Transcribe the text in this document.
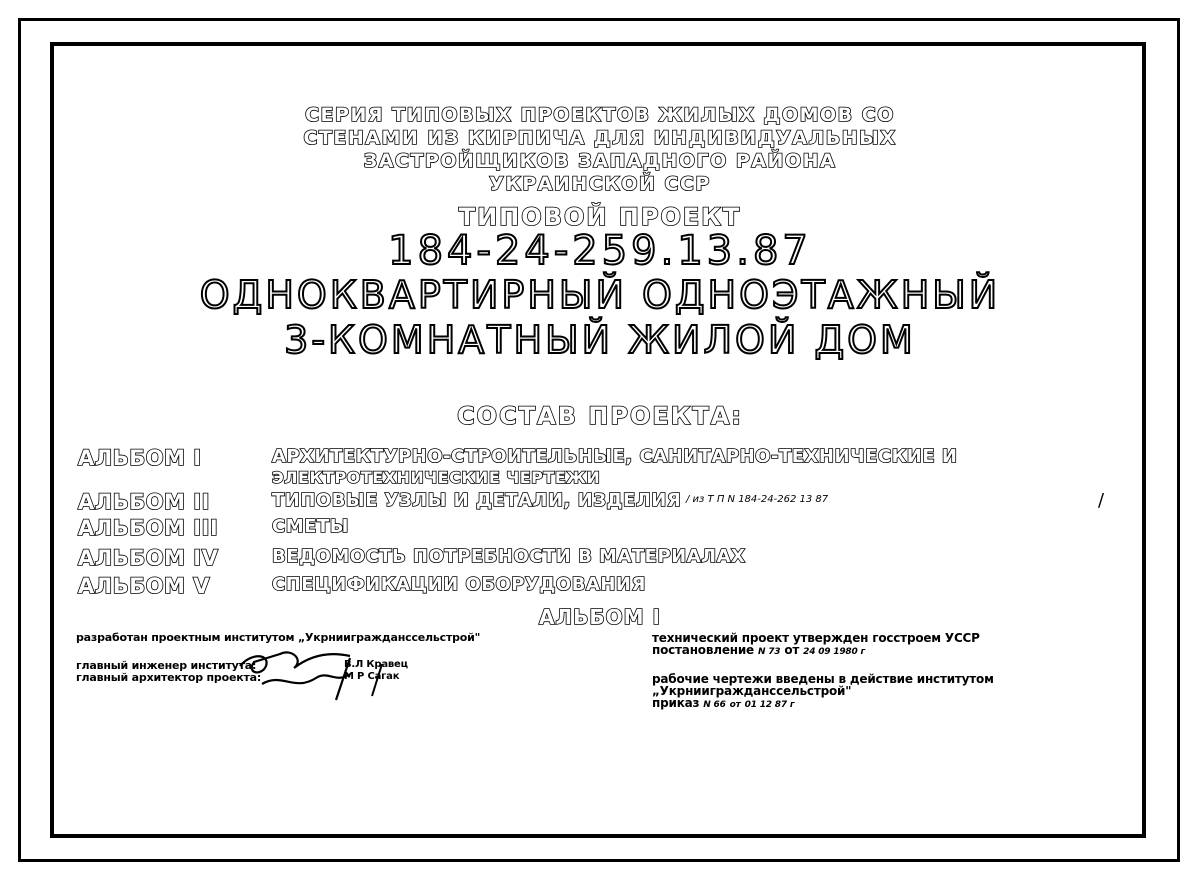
СЕРИЯ ТИПОВЫХ ПРОЕКТОВ ЖИЛЫХ ДОМОВ СО
СТЕНАМИ ИЗ КИРПИЧА ДЛЯ ИНДИВИДУАЛЬНЫХ
ЗАСТРОЙЩИКОВ ЗАПАДНОГО РАЙОНА
УКРАИНСКОЙ ССР
ТИПОВОЙ ПРОЕКТ
184-24-259.13.87
ОДНОКВАРТИРНЫЙ ОДНОЭТАЖНЫЙ
3-КОМНАТНЫЙ ЖИЛОЙ ДОМ
СОСТАВ ПРОЕКТА:
АЛЬБОМ I	АРХИТЕКТУРНО-СТРОИТЕЛЬНЫЕ, САНИТАРНО-ТЕХНИЧЕСКИЕ И
ЭЛЕКТРОТЕХНИЧЕСКИЕ ЧЕРТЕЖИ
АЛЬБОМ II	ТИПОВЫЕ УЗЛЫ И ДЕТАЛИ, ИЗДЕЛИЯ / из Т П N 184-24-262 13 87	/
АЛЬБОМ III	СМЕТЫ
АЛЬБОМ IV	ВЕДОМОСТЬ ПОТРЕБНОСТИ В МАТЕРИАЛАХ
АЛЬБОМ V	СПЕЦИФИКАЦИИ ОБОРУДОВАНИЯ
АЛЬБОМ I
разработан проектным институтом „Укрниигражданссельстрой"
главный инженер института:
главный архитектор проекта:
В.Л Кравец
М Р Сагак
технический проект утвержден госстроем УССР
постановление N 73 от 24 09 1980 г
рабочие чертежи введены в действие институтом
„Укрниигражданссельстрой"
приказ N 66 от 01 12 87 г
